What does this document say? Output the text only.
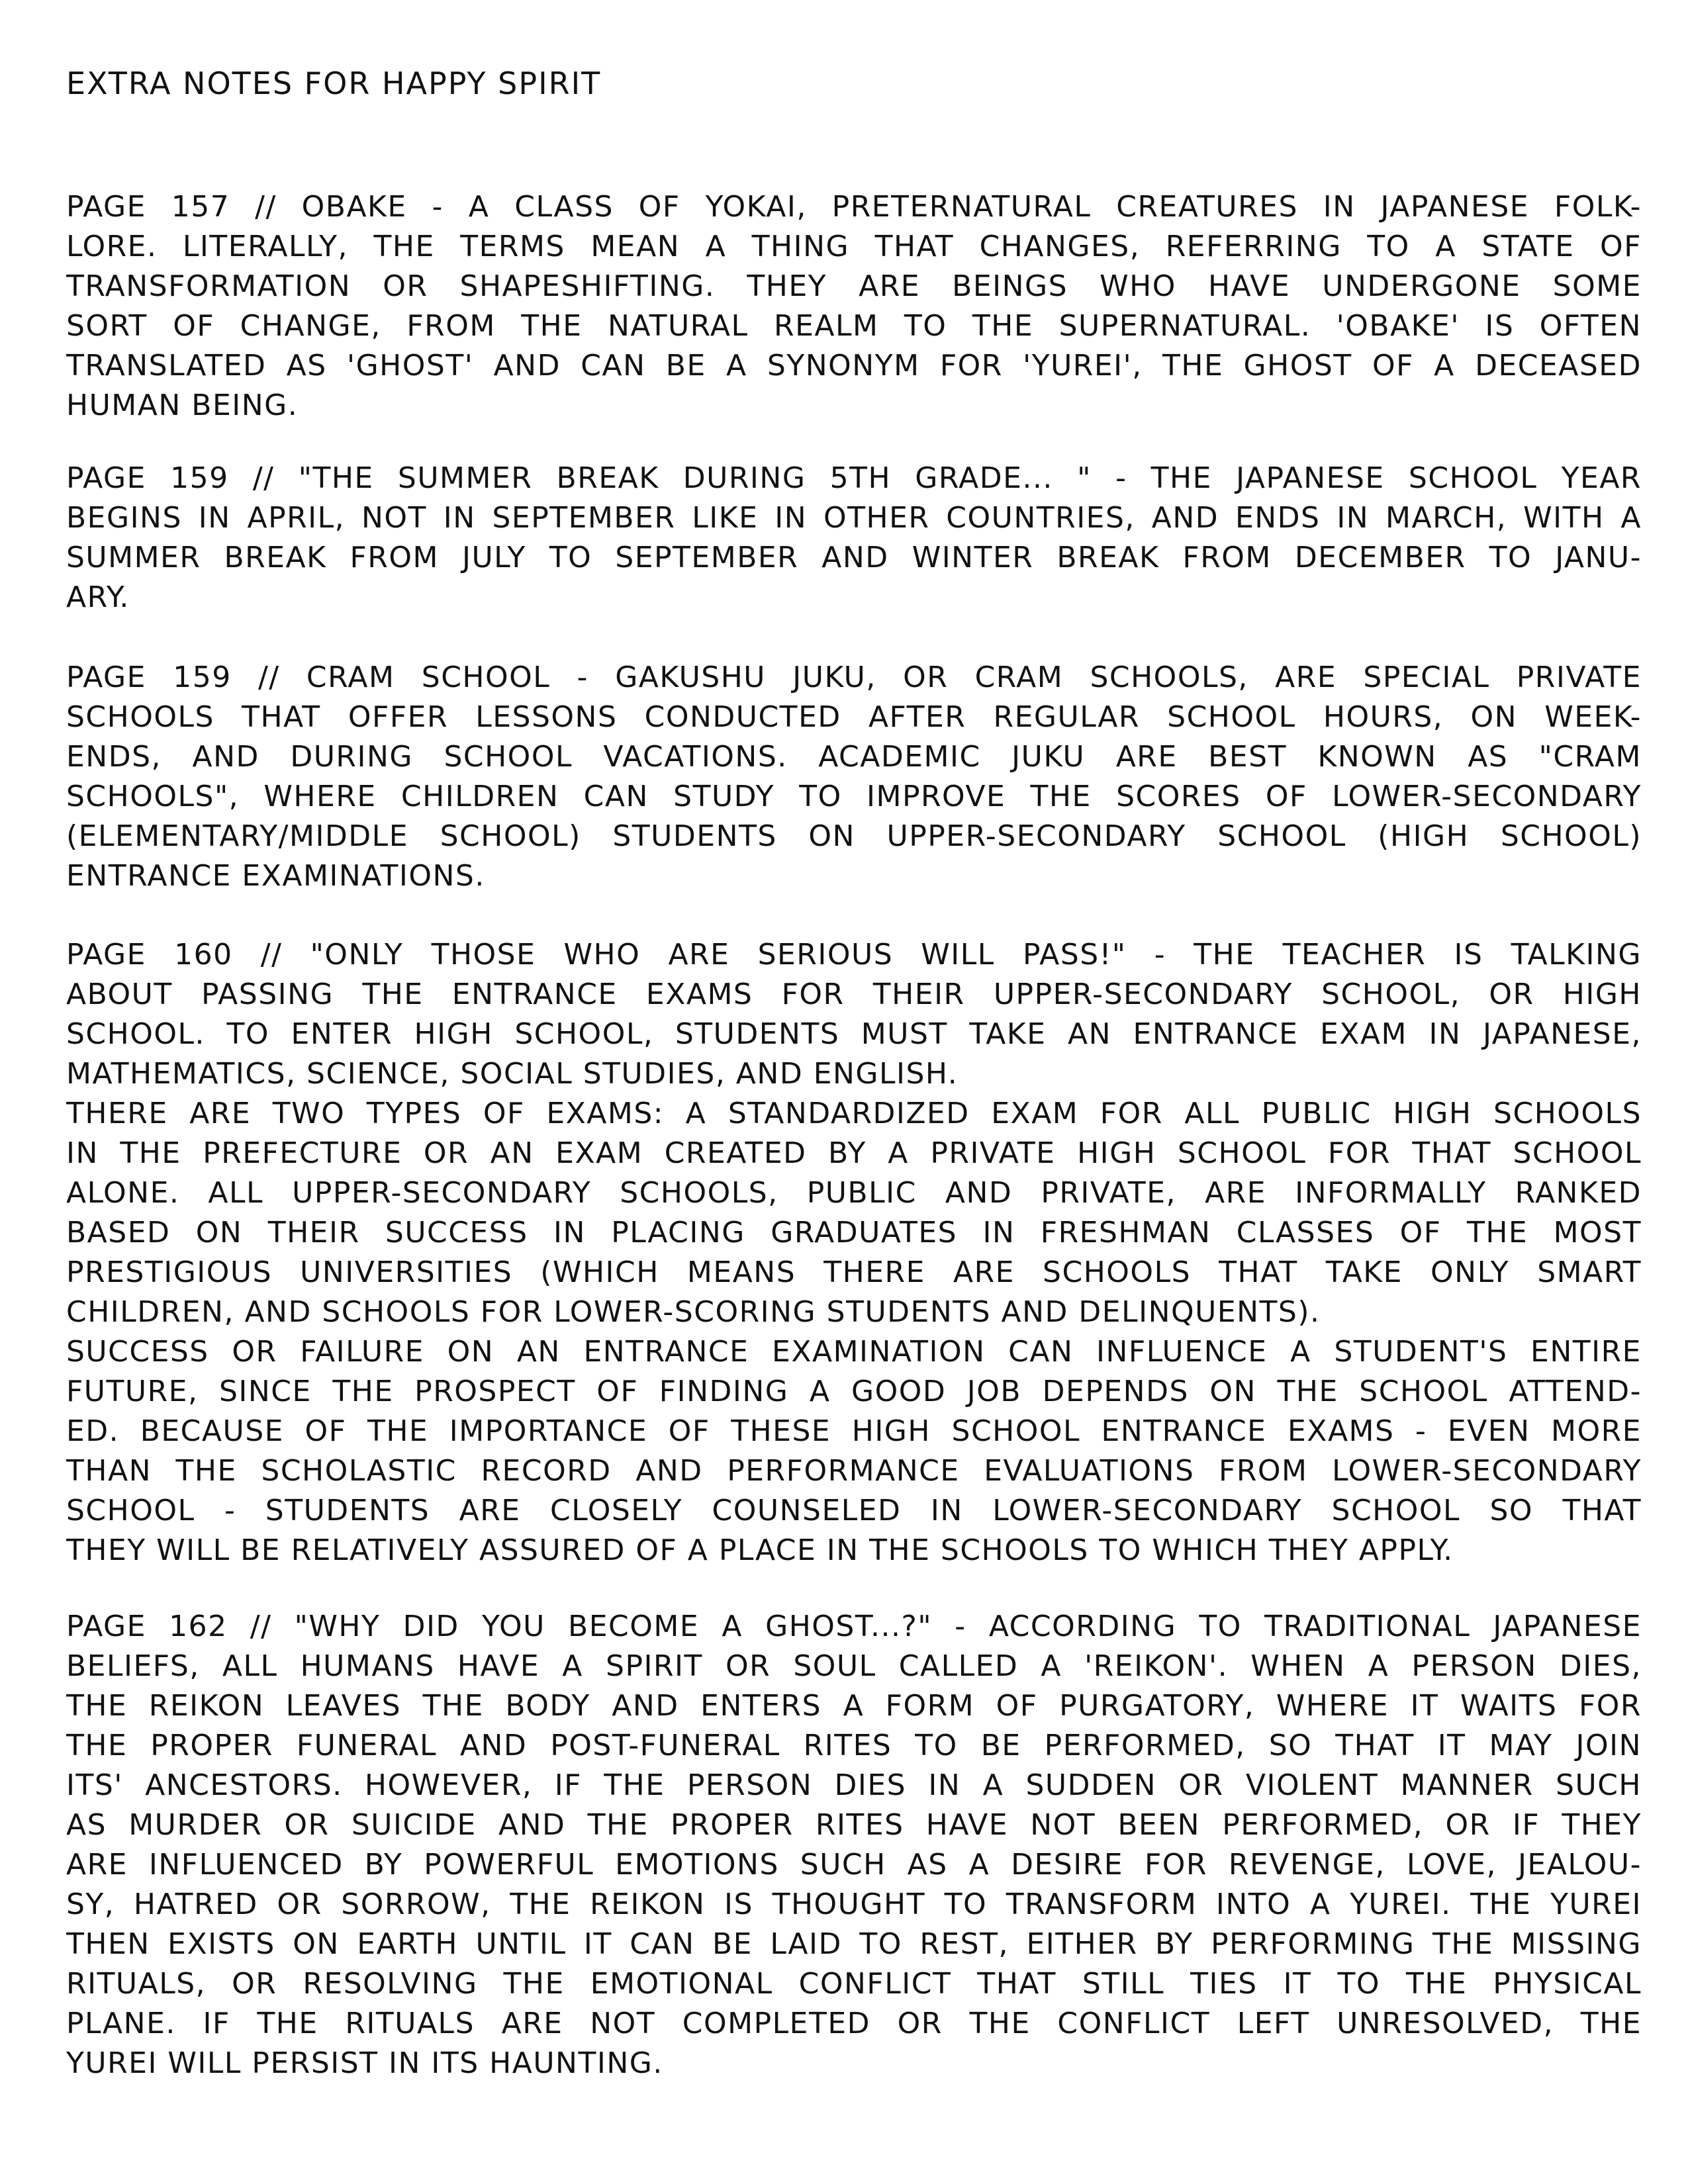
EXTRA NOTES FOR HAPPY SPIRIT
PAGE 157 // OBAKE - A CLASS OF YOKAI, PRETERNATURAL CREATURES IN JAPANESE FOLK-
LORE. LITERALLY, THE TERMS MEAN A THING THAT CHANGES, REFERRING TO A STATE OF
TRANSFORMATION OR SHAPESHIFTING. THEY ARE BEINGS WHO HAVE UNDERGONE SOME
SORT OF CHANGE, FROM THE NATURAL REALM TO THE SUPERNATURAL. 'OBAKE' IS OFTEN
TRANSLATED AS 'GHOST' AND CAN BE A SYNONYM FOR 'YUREI', THE GHOST OF A DECEASED
HUMAN BEING.
PAGE 159 // "THE SUMMER BREAK DURING 5TH GRADE... " - THE JAPANESE SCHOOL YEAR
BEGINS IN APRIL, NOT IN SEPTEMBER LIKE IN OTHER COUNTRIES, AND ENDS IN MARCH, WITH A
SUMMER BREAK FROM JULY TO SEPTEMBER AND WINTER BREAK FROM DECEMBER TO JANU-
ARY.
PAGE 159 // CRAM SCHOOL - GAKUSHU JUKU, OR CRAM SCHOOLS, ARE SPECIAL PRIVATE
SCHOOLS THAT OFFER LESSONS CONDUCTED AFTER REGULAR SCHOOL HOURS, ON WEEK-
ENDS, AND DURING SCHOOL VACATIONS. ACADEMIC JUKU ARE BEST KNOWN AS "CRAM
SCHOOLS", WHERE CHILDREN CAN STUDY TO IMPROVE THE SCORES OF LOWER-SECONDARY
(ELEMENTARY/MIDDLE SCHOOL) STUDENTS ON UPPER-SECONDARY SCHOOL (HIGH SCHOOL)
ENTRANCE EXAMINATIONS.
PAGE 160 // "ONLY THOSE WHO ARE SERIOUS WILL PASS!" - THE TEACHER IS TALKING
ABOUT PASSING THE ENTRANCE EXAMS FOR THEIR UPPER-SECONDARY SCHOOL, OR HIGH
SCHOOL. TO ENTER HIGH SCHOOL, STUDENTS MUST TAKE AN ENTRANCE EXAM IN JAPANESE,
MATHEMATICS, SCIENCE, SOCIAL STUDIES, AND ENGLISH.
THERE ARE TWO TYPES OF EXAMS: A STANDARDIZED EXAM FOR ALL PUBLIC HIGH SCHOOLS
IN THE PREFECTURE OR AN EXAM CREATED BY A PRIVATE HIGH SCHOOL FOR THAT SCHOOL
ALONE. ALL UPPER-SECONDARY SCHOOLS, PUBLIC AND PRIVATE, ARE INFORMALLY RANKED
BASED ON THEIR SUCCESS IN PLACING GRADUATES IN FRESHMAN CLASSES OF THE MOST
PRESTIGIOUS UNIVERSITIES (WHICH MEANS THERE ARE SCHOOLS THAT TAKE ONLY SMART
CHILDREN, AND SCHOOLS FOR LOWER-SCORING STUDENTS AND DELINQUENTS).
SUCCESS OR FAILURE ON AN ENTRANCE EXAMINATION CAN INFLUENCE A STUDENT'S ENTIRE
FUTURE, SINCE THE PROSPECT OF FINDING A GOOD JOB DEPENDS ON THE SCHOOL ATTEND-
ED. BECAUSE OF THE IMPORTANCE OF THESE HIGH SCHOOL ENTRANCE EXAMS - EVEN MORE
THAN THE SCHOLASTIC RECORD AND PERFORMANCE EVALUATIONS FROM LOWER-SECONDARY
SCHOOL - STUDENTS ARE CLOSELY COUNSELED IN LOWER-SECONDARY SCHOOL SO THAT
THEY WILL BE RELATIVELY ASSURED OF A PLACE IN THE SCHOOLS TO WHICH THEY APPLY.
PAGE 162 // "WHY DID YOU BECOME A GHOST...?" - ACCORDING TO TRADITIONAL JAPANESE
BELIEFS, ALL HUMANS HAVE A SPIRIT OR SOUL CALLED A 'REIKON'. WHEN A PERSON DIES,
THE REIKON LEAVES THE BODY AND ENTERS A FORM OF PURGATORY, WHERE IT WAITS FOR
THE PROPER FUNERAL AND POST-FUNERAL RITES TO BE PERFORMED, SO THAT IT MAY JOIN
ITS' ANCESTORS. HOWEVER, IF THE PERSON DIES IN A SUDDEN OR VIOLENT MANNER SUCH
AS MURDER OR SUICIDE AND THE PROPER RITES HAVE NOT BEEN PERFORMED, OR IF THEY
ARE INFLUENCED BY POWERFUL EMOTIONS SUCH AS A DESIRE FOR REVENGE, LOVE, JEALOU-
SY, HATRED OR SORROW, THE REIKON IS THOUGHT TO TRANSFORM INTO A YUREI. THE YUREI
THEN EXISTS ON EARTH UNTIL IT CAN BE LAID TO REST, EITHER BY PERFORMING THE MISSING
RITUALS, OR RESOLVING THE EMOTIONAL CONFLICT THAT STILL TIES IT TO THE PHYSICAL
PLANE. IF THE RITUALS ARE NOT COMPLETED OR THE CONFLICT LEFT UNRESOLVED, THE
YUREI WILL PERSIST IN ITS HAUNTING.
